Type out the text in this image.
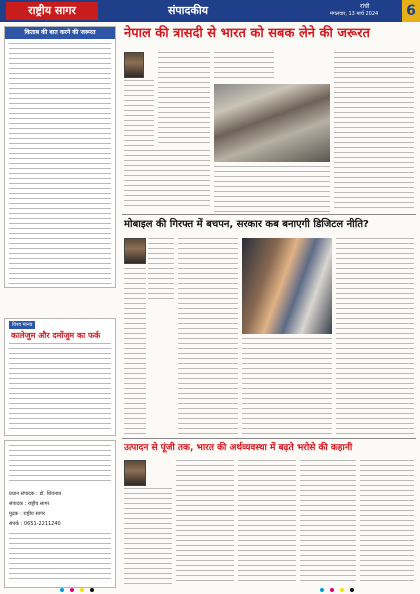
राष्ट्रीय सागर	संपादकीय	रांची
मंगलवार, 13 मार्च 2024 6
किताब की बात करने की जरूरत	नेपाल की त्रासदी से भारत को सबक लेने की जरूरत
मोबाइल की गिरफ्त में बचपन, सरकार कब बनाएगी डिजिटल नीति?
विश्व मानव
कालेजुम और दमोंजुम का फर्क
उत्पादन से पूंजी तक, भारत की अर्थव्यवस्था में बढ़ते भरोसे की कहानी
प्रधान संपादक : डॉ. शिवनाथ
संपादक : राष्ट्रीय सागर
मुद्रक : राष्ट्रीय सागर
संपर्क : 0651-2211240
